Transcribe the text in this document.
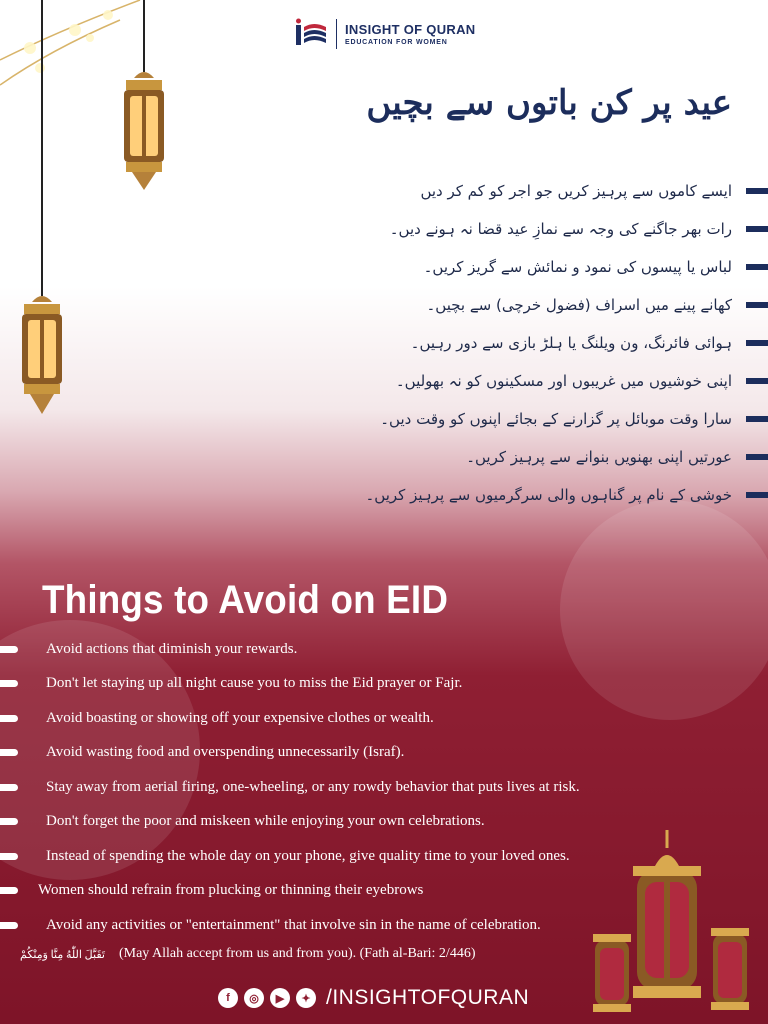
INSIGHT OF QURAN
EDUCATION FOR WOMEN
عید پر کن باتوں سے بچیں
ایسے کاموں سے پرہیز کریں جو اجر کو کم کر دیں
رات بھر جاگنے کی وجہ سے نمازِ عید قضا نہ ہونے دیں۔
لباس یا پیسوں کی نمود و نمائش سے گریز کریں۔
کھانے پینے میں اسراف (فضول خرچی) سے بچیں۔
ہوائی فائرنگ، ون ویلنگ یا ہلڑ بازی سے دور رہیں۔
اپنی خوشیوں میں غریبوں اور مسکینوں کو نہ بھولیں۔
سارا وقت موبائل پر گزارنے کے بجائے اپنوں کو وقت دیں۔
عورتیں اپنی بھنویں بنوانے سے پرہیز کریں۔
خوشی کے نام پر گناہوں والی سرگرمیوں سے پرہیز کریں۔
Things to Avoid on EID
Avoid actions that diminish your rewards.
Don't let staying up all night cause you to miss the Eid prayer or Fajr.
Avoid boasting or showing off your expensive clothes or wealth.
Avoid wasting food and overspending unnecessarily (Israf).
Stay away from aerial firing, one-wheeling, or any rowdy behavior that puts lives at risk.
Don't forget the poor and miskeen while enjoying your own celebrations.
Instead of spending the whole day on your phone, give quality time to your loved ones.
Women should refrain from plucking or thinning their eyebrows
Avoid any activities or "entertainment" that involve sin in the name of celebration.
تَقَبَّلَ اللّٰهُ مِنَّا وَمِنْكُمْ (May Allah accept from us and from you). (Fath al-Bari: 2/446)
f	◎	▶	✦ /INSIGHTOFQURAN
